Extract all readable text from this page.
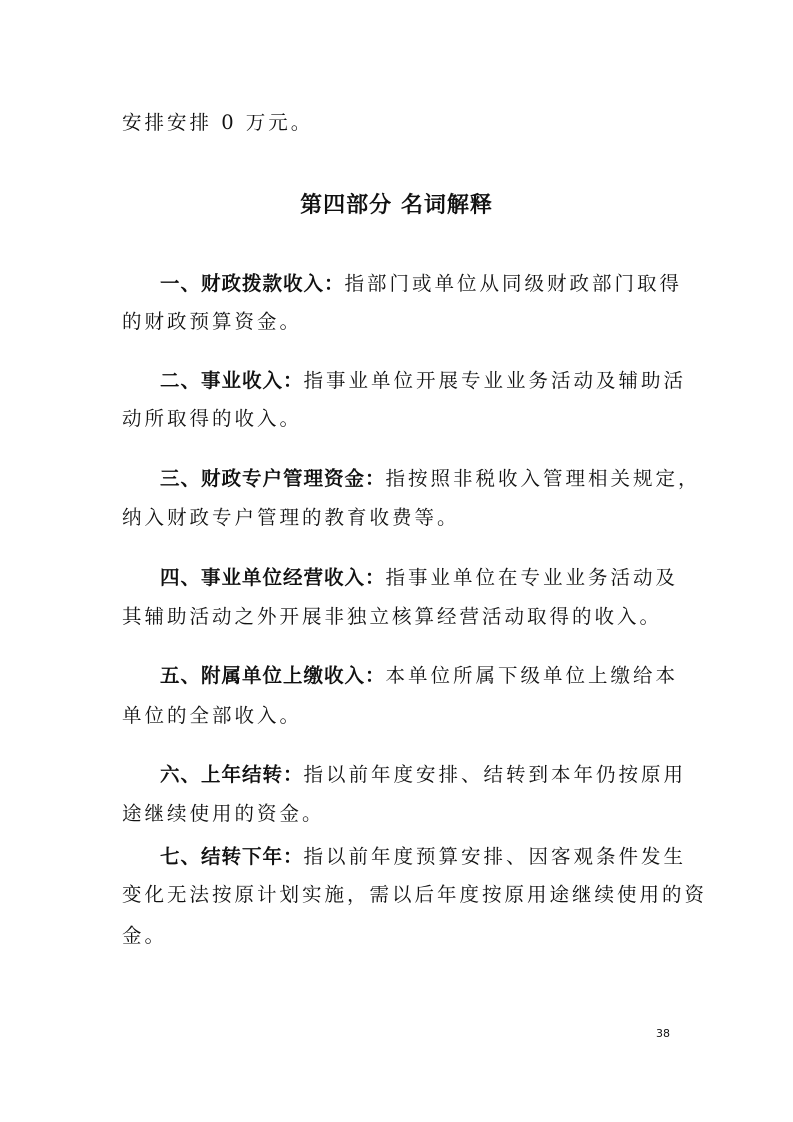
安排安排 0 万元。
第四部分 名词解释
一、财政拨款收入：指部门或单位从同级财政部门取得
的财政预算资金。
二、事业收入：指事业单位开展专业业务活动及辅助活
动所取得的收入。
三、财政专户管理资金：指按照非税收入管理相关规定，
纳入财政专户管理的教育收费等。
四、事业单位经营收入：指事业单位在专业业务活动及
其辅助活动之外开展非独立核算经营活动取得的收入。
五、附属单位上缴收入：本单位所属下级单位上缴给本
单位的全部收入。
六、上年结转：指以前年度安排、结转到本年仍按原用
途继续使用的资金。
七、结转下年：指以前年度预算安排、因客观条件发生
变化无法按原计划实施，需以后年度按原用途继续使用的资
金。
38
